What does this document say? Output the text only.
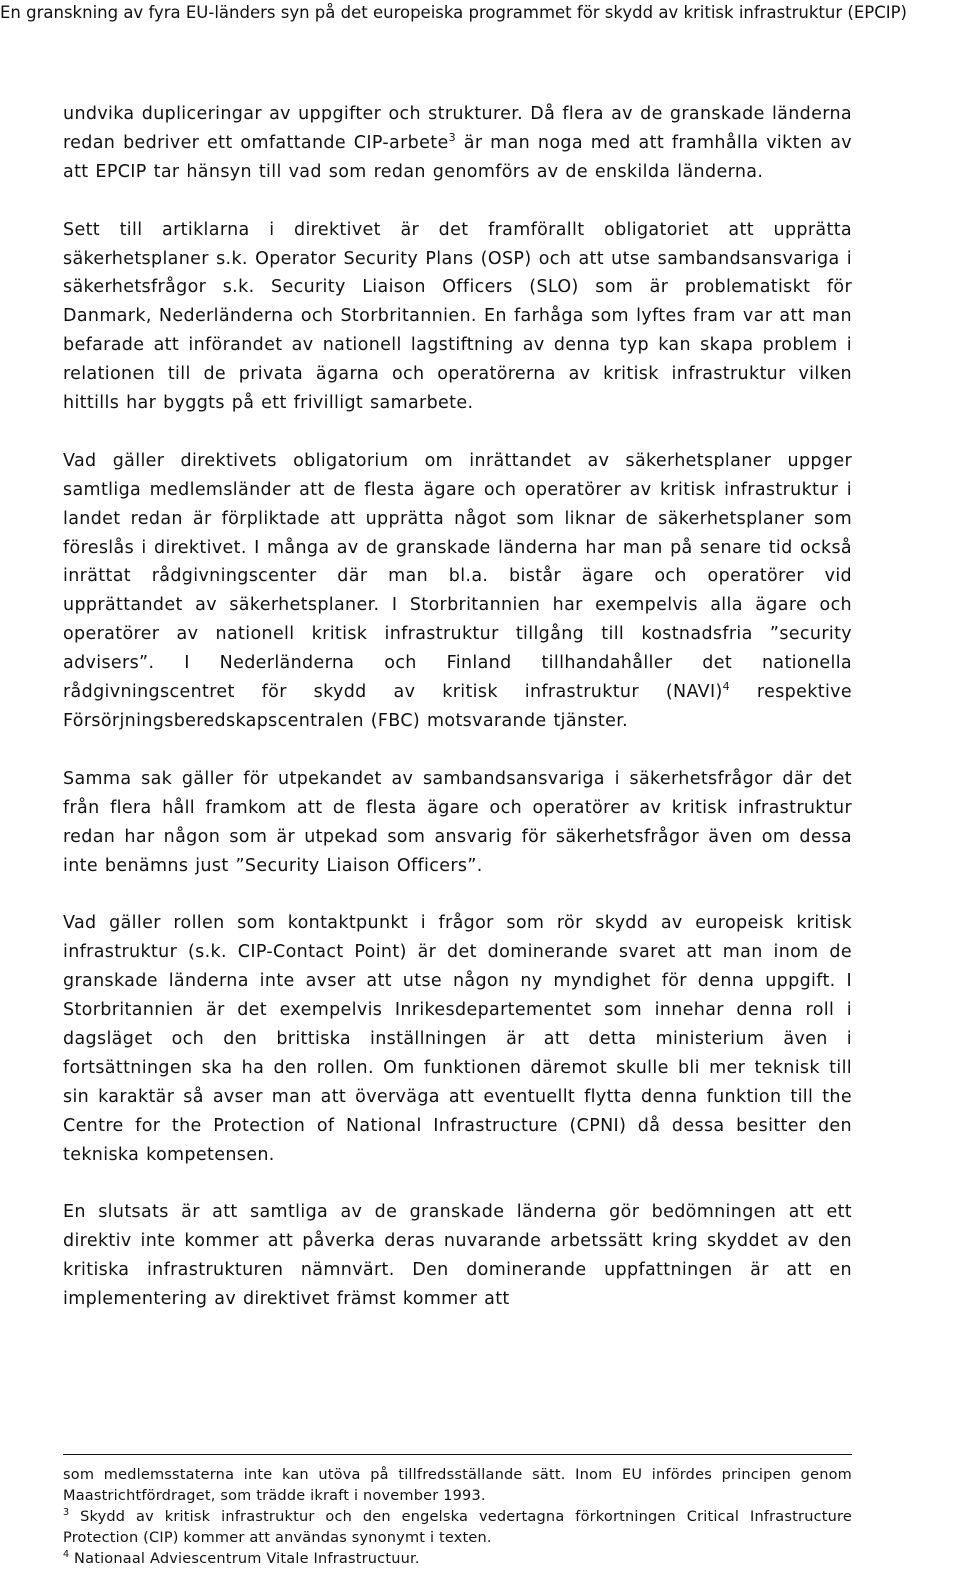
En granskning av fyra EU-länders syn på det europeiska programmet för skydd av kritisk infrastruktur (EPCIP)

undvika dupliceringar av uppgifter och strukturer. Då flera av de granskade länderna redan bedriver ett omfattande CIP-arbete$^3$ är man noga med att framhålla vikten av att EPCIP tar hänsyn till vad som redan genomförs av de enskilda länderna.

Sett till artiklarna i direktivet är det framförallt obligatoriet att upprätta säkerhetsplaner s.k. Operator Security Plans (OSP) och att utse sambandsansvariga i säkerhetsfrågor s.k. Security Liaison Officers (SLO) som är problematiskt för Danmark, Nederländerna och Storbritannien. En farhåga som lyftes fram var att man befarade att införandet av nationell lagstiftning av denna typ kan skapa problem i relationen till de privata ägarna och operatörerna av kritisk infrastruktur vilken hittills har byggts på ett frivilligt samarbete.

Vad gäller direktivets obligatorium om inrättandet av säkerhetsplaner uppger samtliga medlemsländer att de flesta ägare och operatörer av kritisk infrastruktur i landet redan är förpliktade att upprätta något som liknar de säkerhetsplaner som föreslås i direktivet. I många av de granskade länderna har man på senare tid också inrättat rådgivningscenter där man bl.a. bistår ägare och operatörer vid upprättandet av säkerhetsplaner. I Storbritannien har exempelvis alla ägare och operatörer av nationell kritisk infrastruktur tillgång till kostnadsfria ”security advisers”. I Nederländerna och Finland tillhandahåller det nationella rådgivningscentret för skydd av kritisk infrastruktur (NAVI)$^4$ respektive Försörjningsberedskapscentralen (FBC) motsvarande tjänster.

Samma sak gäller för utpekandet av sambandsansvariga i säkerhetsfrågor där det från flera håll framkom att de flesta ägare och operatörer av kritisk infrastruktur redan har någon som är utpekad som ansvarig för säkerhetsfrågor även om dessa inte benämns just ”Security Liaison Officers”.

Vad gäller rollen som kontaktpunkt i frågor som rör skydd av europeisk kritisk infrastruktur (s.k. CIP-Contact Point) är det dominerande svaret att man inom de granskade länderna inte avser att utse någon ny myndighet för denna uppgift. I Storbritannien är det exempelvis Inrikesdepartementet som innehar denna roll i dagsläget och den brittiska inställningen är att detta ministerium även i fortsättningen ska ha den rollen. Om funktionen däremot skulle bli mer teknisk till sin karaktär så avser man att överväga att eventuellt flytta denna funktion till the Centre for the Protection of National Infrastructure (CPNI) då dessa besitter den tekniska kompetensen.

En slutsats är att samtliga av de granskade länderna gör bedömningen att ett direktiv inte kommer att påverka deras nuvarande arbetssätt kring skyddet av den kritiska infrastrukturen nämnvärt. Den dominerande uppfattningen är att en implementering av direktivet främst kommer att

som medlemsstaterna inte kan utöva på tillfredsställande sätt. Inom EU infördes principen genom Maastrichtfördraget, som trädde ikraft i november 1993.

$^3$ Skydd av kritisk infrastruktur och den engelska vedertagna förkortningen Critical Infrastructure Protection (CIP) kommer att användas synonymt i texten.

$^4$ Nationaal Adviescentrum Vitale Infrastructuur.
